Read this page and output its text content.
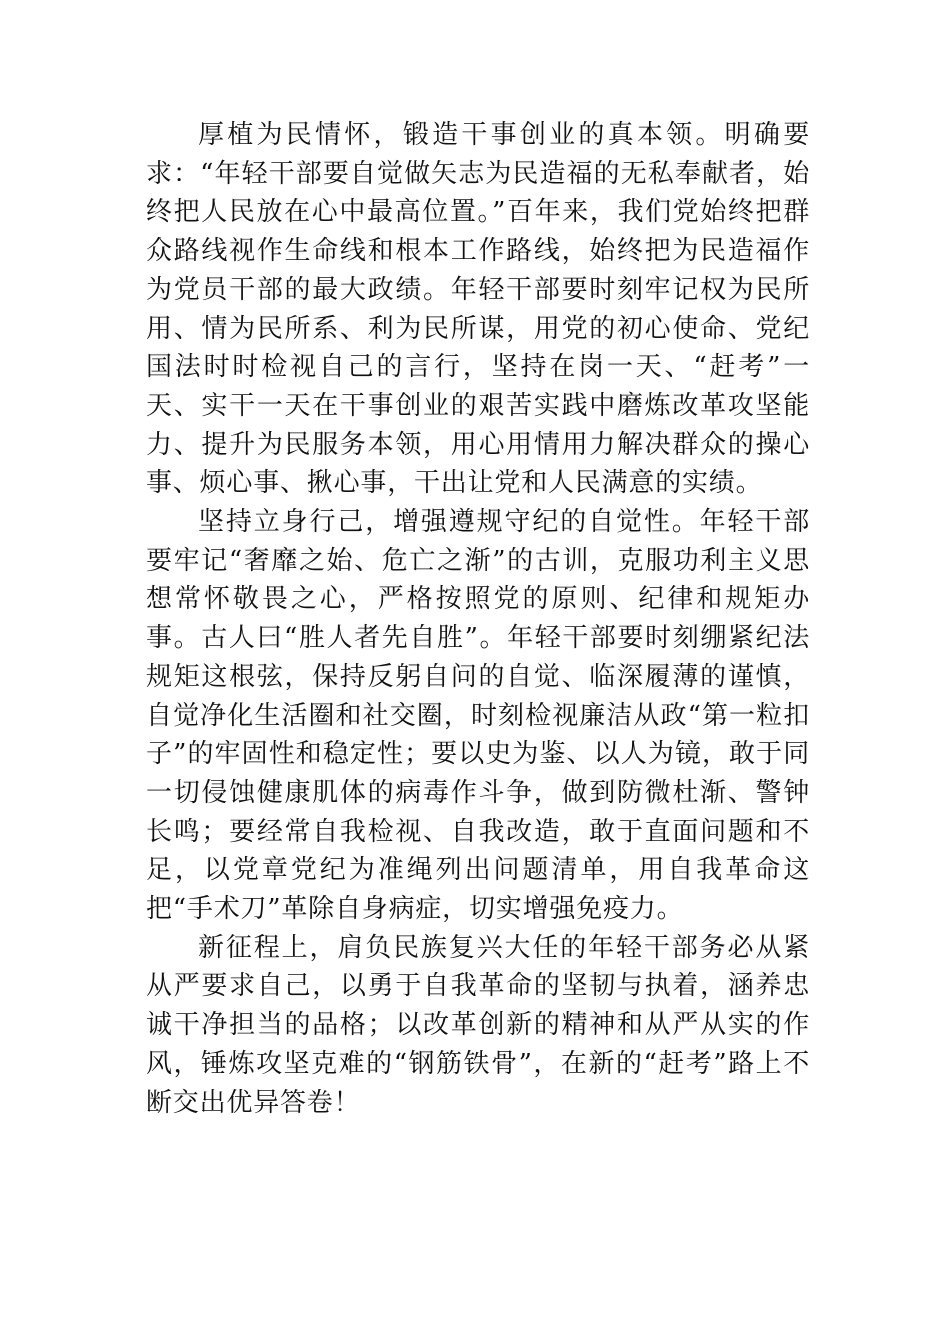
厚植为民情怀，锻造干事创业的真本领。明确要求：“年轻干部要自觉做矢志为民造福的无私奉献者，始终把人民放在心中最高位置。”百年来，我们党始终把群众路线视作生命线和根本工作路线，始终把为民造福作为党员干部的最大政绩。年轻干部要时刻牢记权为民所用、情为民所系、利为民所谋，用党的初心使命、党纪国法时时检视自己的言行，坚持在岗一天、“赶考”一天、实干一天在干事创业的艰苦实践中磨炼改革攻坚能力、提升为民服务本领，用心用情用力解决群众的操心事、烦心事、揪心事，干出让党和人民满意的实绩。

坚持立身行己，增强遵规守纪的自觉性。年轻干部要牢记“奢靡之始、危亡之渐”的古训，克服功利主义思想常怀敬畏之心，严格按照党的原则、纪律和规矩办事。古人曰“胜人者先自胜”。年轻干部要时刻绷紧纪法规矩这根弦，保持反躬自问的自觉、临深履薄的谨慎，自觉净化生活圈和社交圈，时刻检视廉洁从政“第一粒扣子”的牢固性和稳定性；要以史为鉴、以人为镜，敢于同一切侵蚀健康肌体的病毒作斗争，做到防微杜渐、警钟长鸣；要经常自我检视、自我改造，敢于直面问题和不足，以党章党纪为准绳列出问题清单，用自我革命这把“手术刀”革除自身病症，切实增强免疫力。

新征程上，肩负民族复兴大任的年轻干部务必从紧从严要求自己，以勇于自我革命的坚韧与执着，涵养忠诚干净担当的品格；以改革创新的精神和从严从实的作风，锤炼攻坚克难的“钢筋铁骨”，在新的“赶考”路上不断交出优异答卷！
